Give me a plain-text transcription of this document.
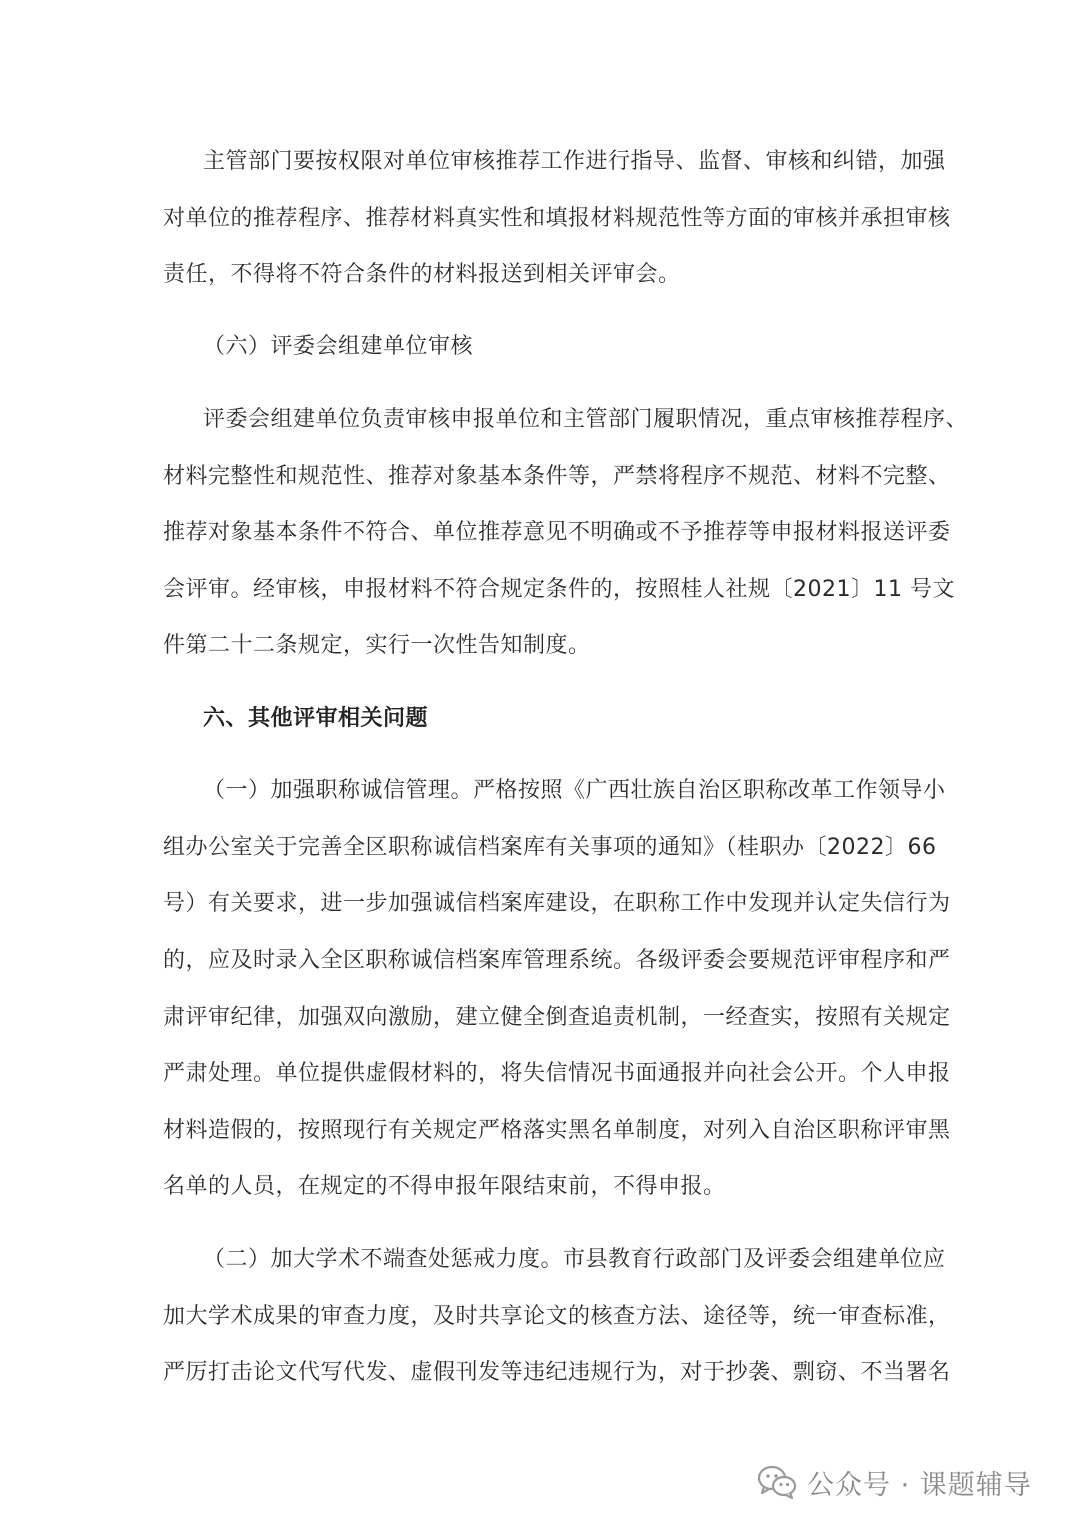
主管部门要按权限对单位审核推荐工作进行指导、监督、审核和纠错，加强
对单位的推荐程序、推荐材料真实性和填报材料规范性等方面的审核并承担审核
责任，不得将不符合条件的材料报送到相关评审会。
（六）评委会组建单位审核
评委会组建单位负责审核申报单位和主管部门履职情况，重点审核推荐程序、
材料完整性和规范性、推荐对象基本条件等，严禁将程序不规范、材料不完整、
推荐对象基本条件不符合、单位推荐意见不明确或不予推荐等申报材料报送评委
会评审。经审核，申报材料不符合规定条件的，按照桂人社规〔2021〕11 号文
件第二十二条规定，实行一次性告知制度。
六、其他评审相关问题
（一）加强职称诚信管理。严格按照《广西壮族自治区职称改革工作领导小
组办公室关于完善全区职称诚信档案库有关事项的通知》（桂职办〔2022〕66
号）有关要求，进一步加强诚信档案库建设，在职称工作中发现并认定失信行为
的，应及时录入全区职称诚信档案库管理系统。各级评委会要规范评审程序和严
肃评审纪律，加强双向激励，建立健全倒查追责机制，一经查实，按照有关规定
严肃处理。单位提供虚假材料的，将失信情况书面通报并向社会公开。个人申报
材料造假的，按照现行有关规定严格落实黑名单制度，对列入自治区职称评审黑
名单的人员，在规定的不得申报年限结束前，不得申报。
（二）加大学术不端查处惩戒力度。市县教育行政部门及评委会组建单位应
加大学术成果的审查力度，及时共享论文的核查方法、途径等，统一审查标准，
严厉打击论文代写代发、虚假刊发等违纪违规行为，对于抄袭、剽窃、不当署名
公众号 · 课题辅导
